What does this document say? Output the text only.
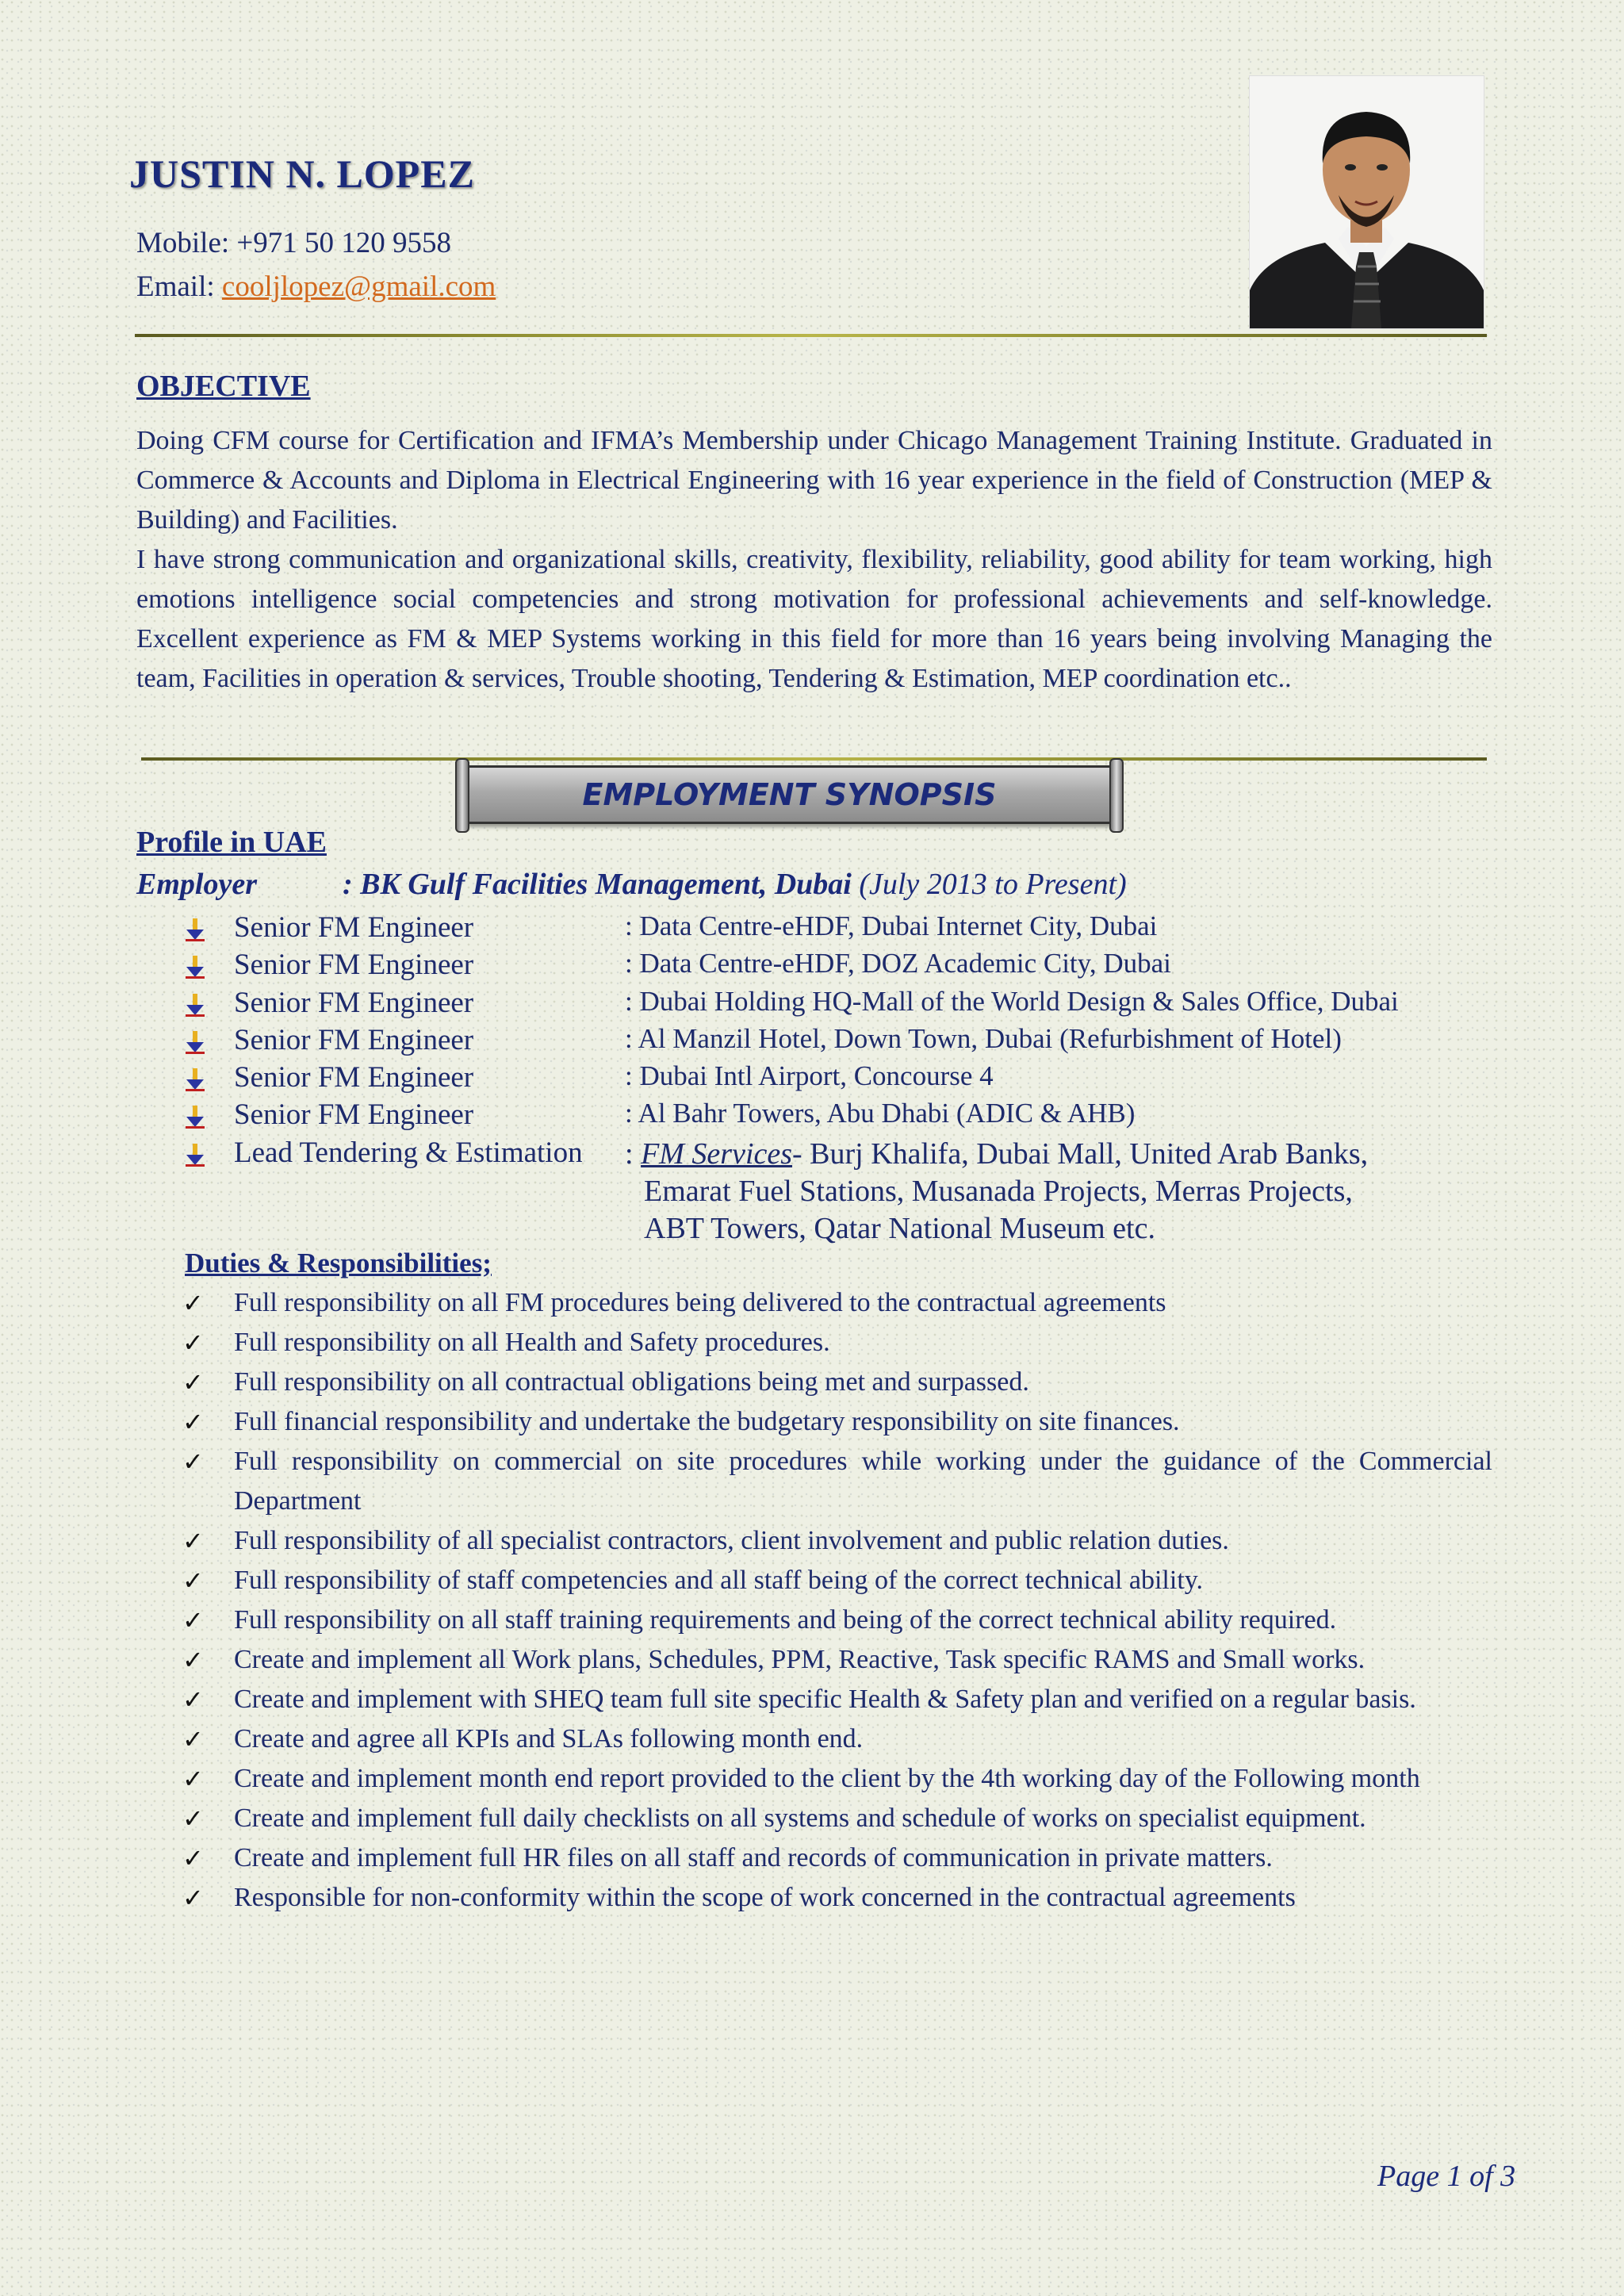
JUSTIN N. LOPEZ
Mobile: +971 50 120 9558
Email: cooljlopez@gmail.com
OBJECTIVE

Doing CFM course for Certification and IFMA’s Membership under Chicago Management Training Institute. Graduated in Commerce & Accounts and Diploma in Electrical Engineering with 16 year experience in the field of Construction (MEP & Building) and Facilities.

I have strong communication and organizational skills, creativity, flexibility, reliability, good ability for team working, high emotions intelligence social competencies and strong motivation for professional achievements and self-knowledge. Excellent experience as FM & MEP Systems working in this field for more than 16 years being involving Managing the team, Facilities in operation & services, Trouble shooting, Tendering & Estimation, MEP coordination etc..

EMPLOYMENT SYNOPSIS
Profile in UAE
Employer	: BK Gulf Facilities Management, Dubai (July 2013 to Present)
Senior FM Engineer	: Data Centre-eHDF, Dubai Internet City, Dubai
Senior FM Engineer	: Data Centre-eHDF, DOZ Academic City, Dubai
Senior FM Engineer	: Dubai Holding HQ-Mall of the World Design & Sales Office, Dubai
Senior FM Engineer	: Al Manzil Hotel, Down Town, Dubai (Refurbishment of Hotel)
Senior FM Engineer	: Dubai Intl Airport, Concourse 4
Senior FM Engineer	: Al Bahr Towers, Abu Dhabi (ADIC & AHB)
Lead Tendering & Estimation : FM Services- Burj Khalifa, Dubai Mall, United Arab Banks,
Emarat Fuel Stations, Musanada Projects, Merras Projects,
ABT Towers, Qatar National Museum etc.
Duties & Responsibilities;
✓ Full responsibility on all FM procedures being delivered to the contractual agreements
✓ Full responsibility on all Health and Safety procedures.
✓ Full responsibility on all contractual obligations being met and surpassed.
✓ Full financial responsibility and undertake the budgetary responsibility on site finances.
✓ Full responsibility on commercial on site procedures while working under the guidance of the Commercial Department
✓ Full responsibility of all specialist contractors, client involvement and public relation duties.
✓ Full responsibility of staff competencies and all staff being of the correct technical ability.
✓ Full responsibility on all staff training requirements and being of the correct technical ability required.
✓ Create and implement all Work plans, Schedules, PPM, Reactive, Task specific RAMS and Small works.
✓ Create and implement with SHEQ team full site specific Health & Safety plan and verified on a regular basis.
✓ Create and agree all KPIs and SLAs following month end.
✓ Create and implement month end report provided to the client by the 4th working day of the Following month
✓ Create and implement full daily checklists on all systems and schedule of works on specialist equipment.
✓ Create and implement full HR files on all staff and records of communication in private matters.
✓ Responsible for non-conformity within the scope of work concerned in the contractual agreements
Page 1 of 3
